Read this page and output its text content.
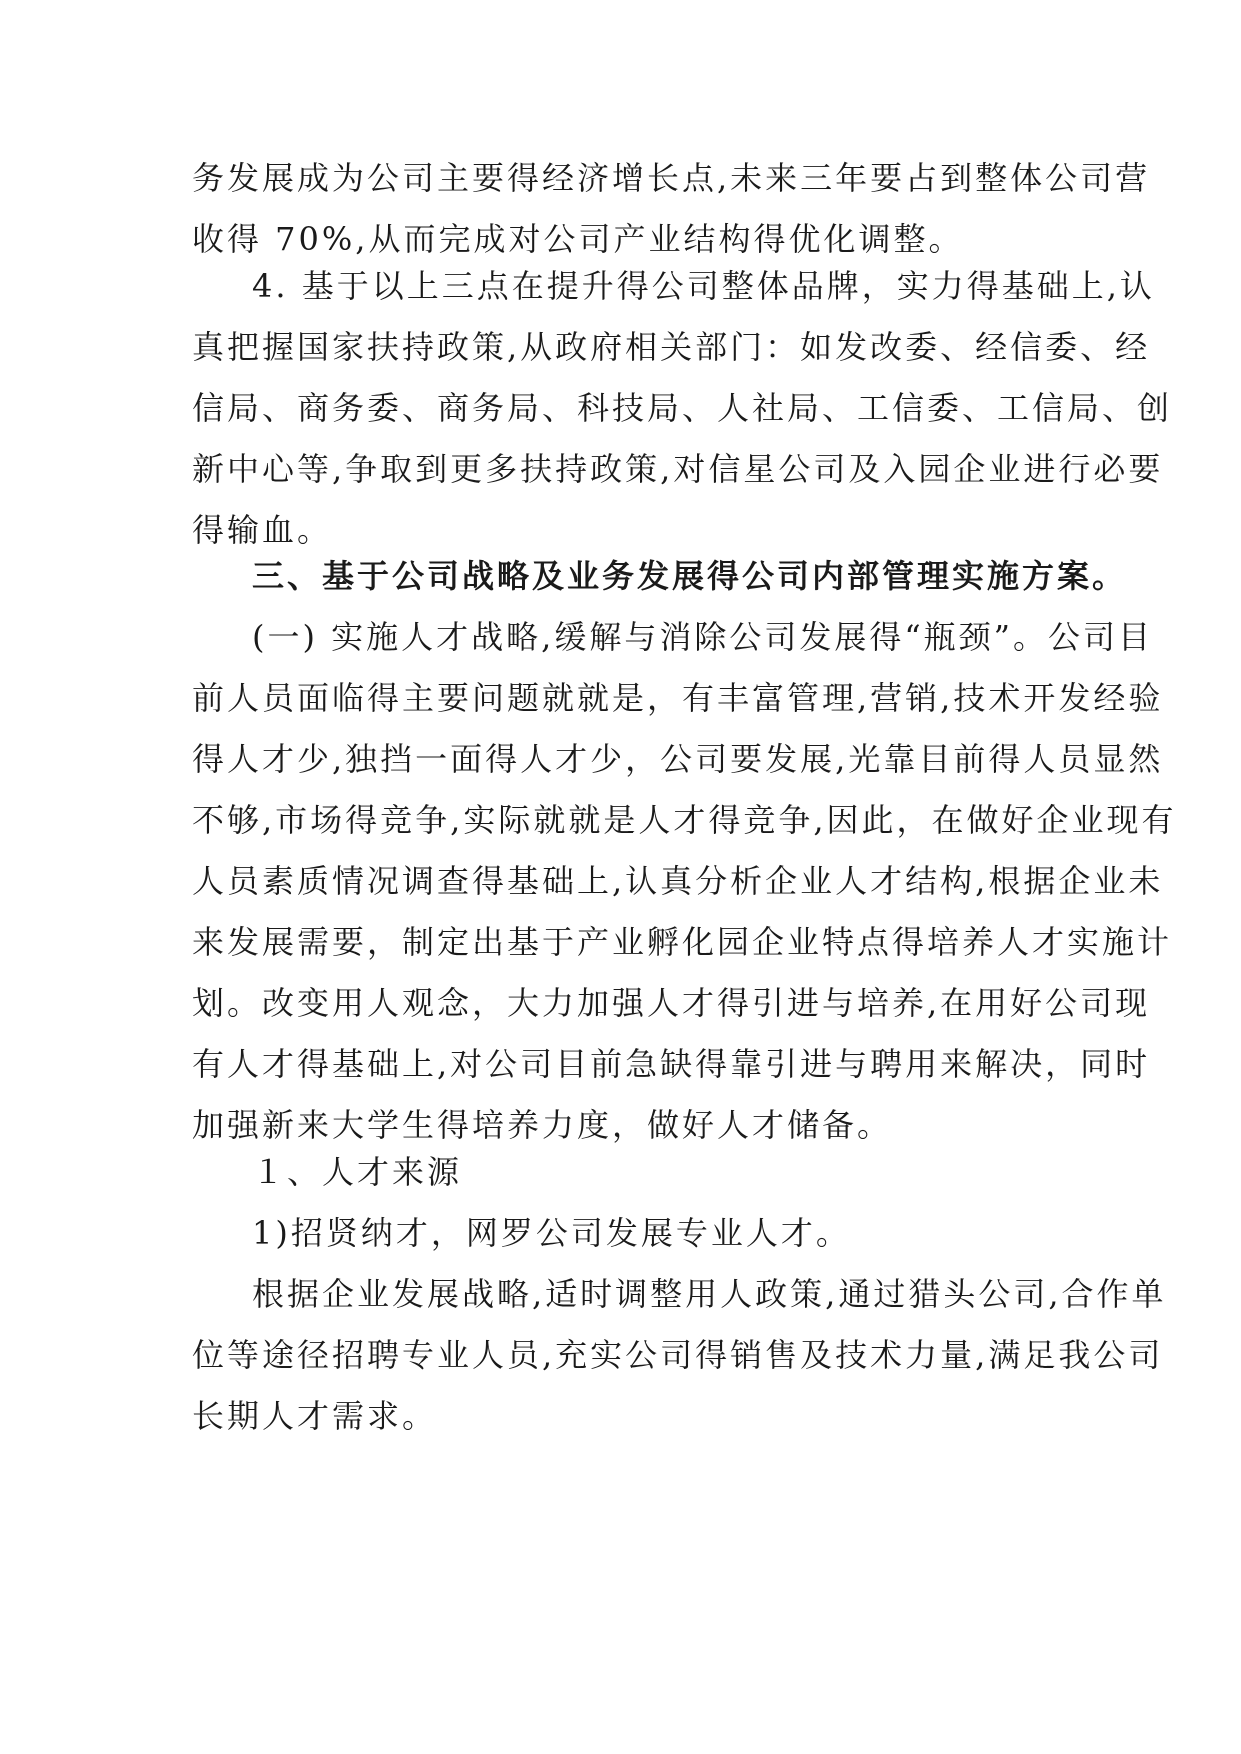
务发展成为公司主要得经济增长点,未来三年要占到整体公司营
收得 70%,从而完成对公司产业结构得优化调整。
4. 基于以上三点在提升得公司整体品牌，实力得基础上,认
真把握国家扶持政策,从政府相关部门：如发改委、经信委、经
信局、商务委、商务局、科技局、人社局、工信委、工信局、创
新中心等,争取到更多扶持政策,对信星公司及入园企业进行必要
得输血。
三、基于公司战略及业务发展得公司内部管理实施方案。
(一) 实施人才战略,缓解与消除公司发展得“瓶颈”。公司目
前人员面临得主要问题就就是，有丰富管理,营销,技术开发经验
得人才少,独挡一面得人才少，公司要发展,光靠目前得人员显然
不够,市场得竞争,实际就就是人才得竞争,因此，在做好企业现有
人员素质情况调查得基础上,认真分析企业人才结构,根据企业未
来发展需要，制定出基于产业孵化园企业特点得培养人才实施计
划。改变用人观念，大力加强人才得引进与培养,在用好公司现
有人才得基础上,对公司目前急缺得靠引进与聘用来解决，同时
加强新来大学生得培养力度，做好人才储备。
１、人才来源
1)招贤纳才，网罗公司发展专业人才。
根据企业发展战略,适时调整用人政策,通过猎头公司,合作单
位等途径招聘专业人员,充实公司得销售及技术力量,满足我公司
长期人才需求。
